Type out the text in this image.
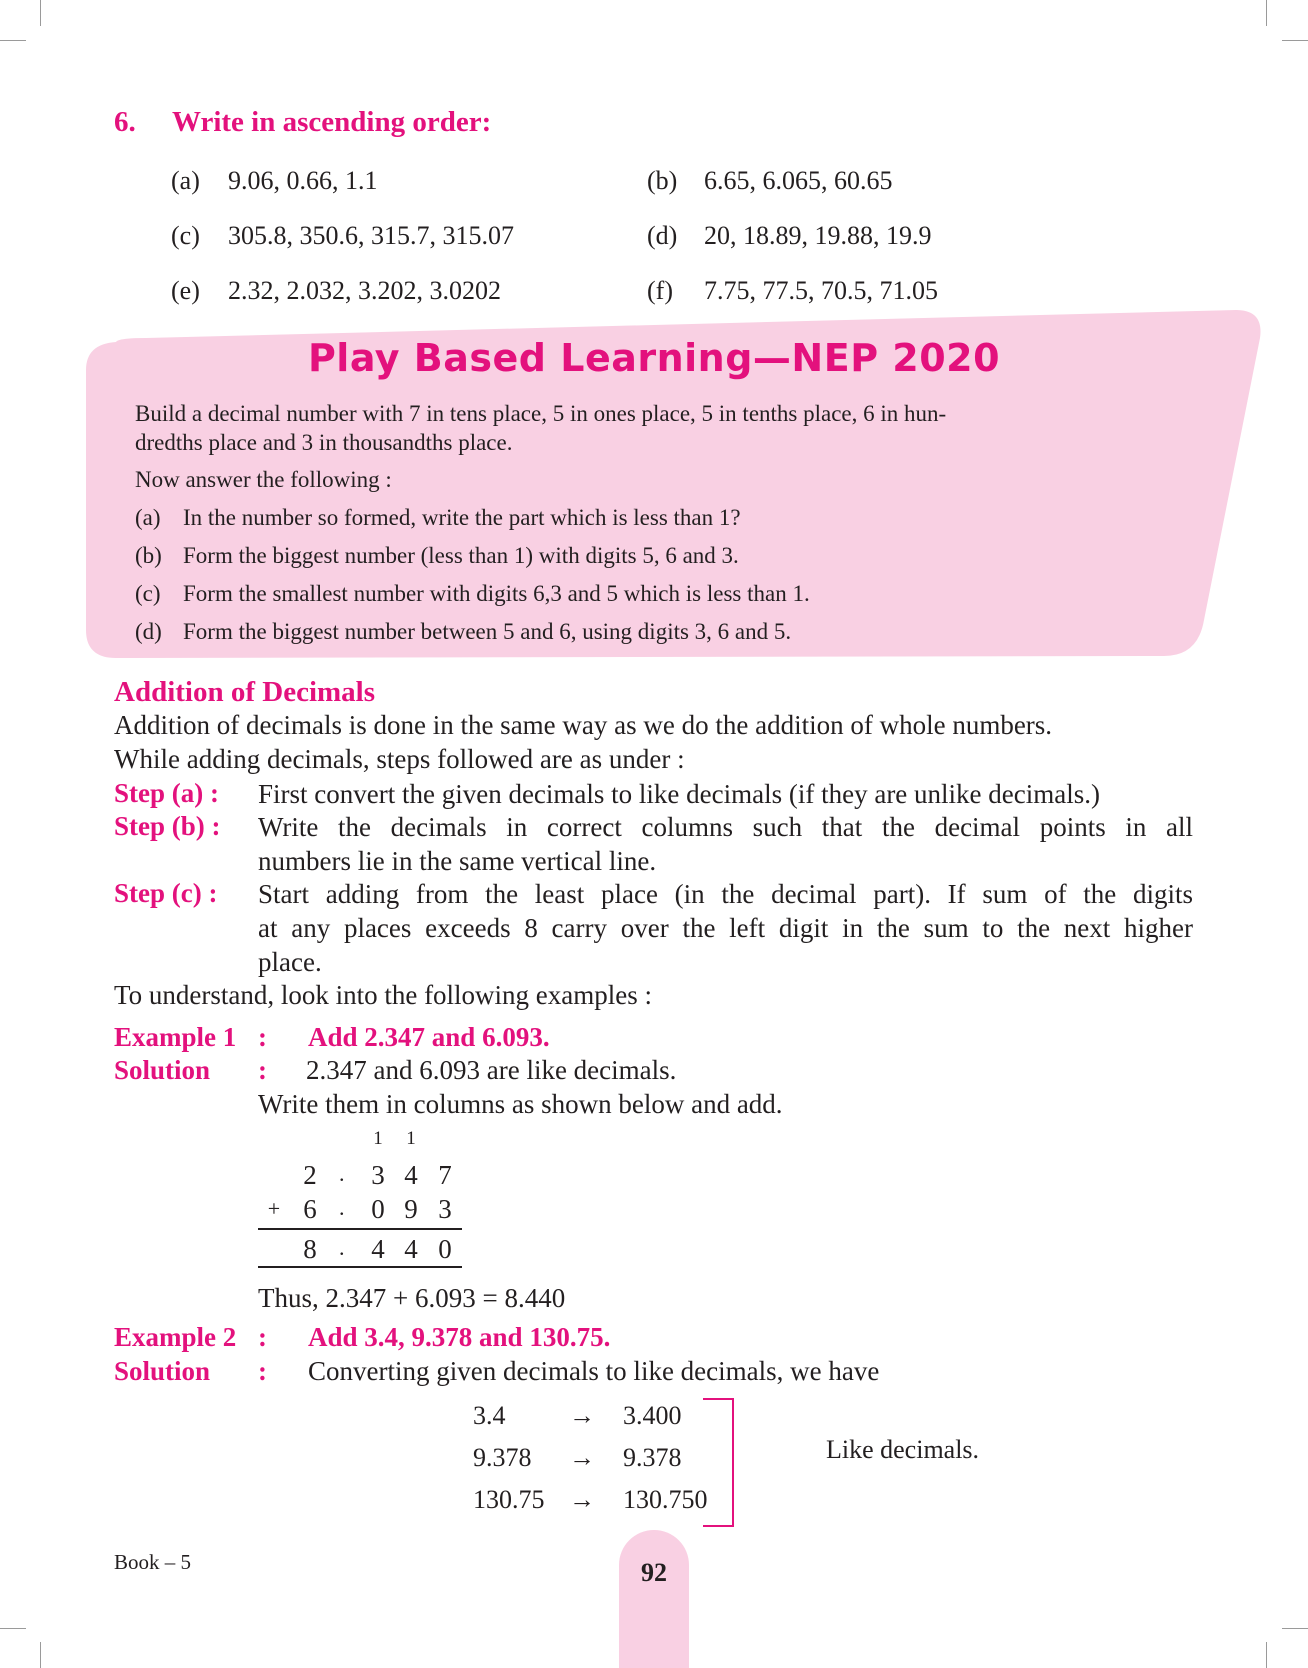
6. Write in ascending order:
(a) 9.06, 0.66, 1.1	(b) 6.65, 6.065, 60.65
(c) 305.8, 350.6, 315.7, 315.07	(d) 20, 18.89, 19.88, 19.9
(e) 2.32, 2.032, 3.202, 3.0202	(f) 7.75, 77.5, 70.5, 71.05
Play Based Learning—NEP 2020
Build a decimal number with 7 in tens place, 5 in ones place, 5 in tenths place, 6 in hun-
dredths place and 3 in thousandths place.
Now answer the following :
(a) In the number so formed, write the part which is less than 1?
(b) Form the biggest number (less than 1) with digits 5, 6 and 3.
(c) Form the smallest number with digits 6,3 and 5 which is less than 1.
(d) Form the biggest number between 5 and 6, using digits 3, 6 and 5.
Addition of Decimals
Addition of decimals is done in the same way as we do the addition of whole numbers.
While adding decimals, steps followed are as under :
Step (a) : First convert the given decimals to like decimals (if they are unlike decimals.)
Step (b) : Write the decimals in correct columns such that the decimal points in all
numbers lie in the same vertical line.
Step (c) : Start adding from the least place (in the decimal part). If sum of the digits
at any places exceeds 8 carry over the left digit in the sum to the next higher
place.
To understand, look into the following examples :
Example 1 : Add 2.347 and 6.093.
Solution : 2.347 and 6.093 are like decimals.
Write them in columns as shown below and add.
1	1
2 . 3 4 7
+ 6 . 0 9 3
8 . 4 4 0
Thus, 2.347 + 6.093 = 8.440
Example 2 : Add 3.4, 9.378 and 130.75.
Solution : Converting given decimals to like decimals, we have
3.4 → 3.400
9.378 → 9.378
130.75 → 130.750
Like decimals.
Book – 5	92
